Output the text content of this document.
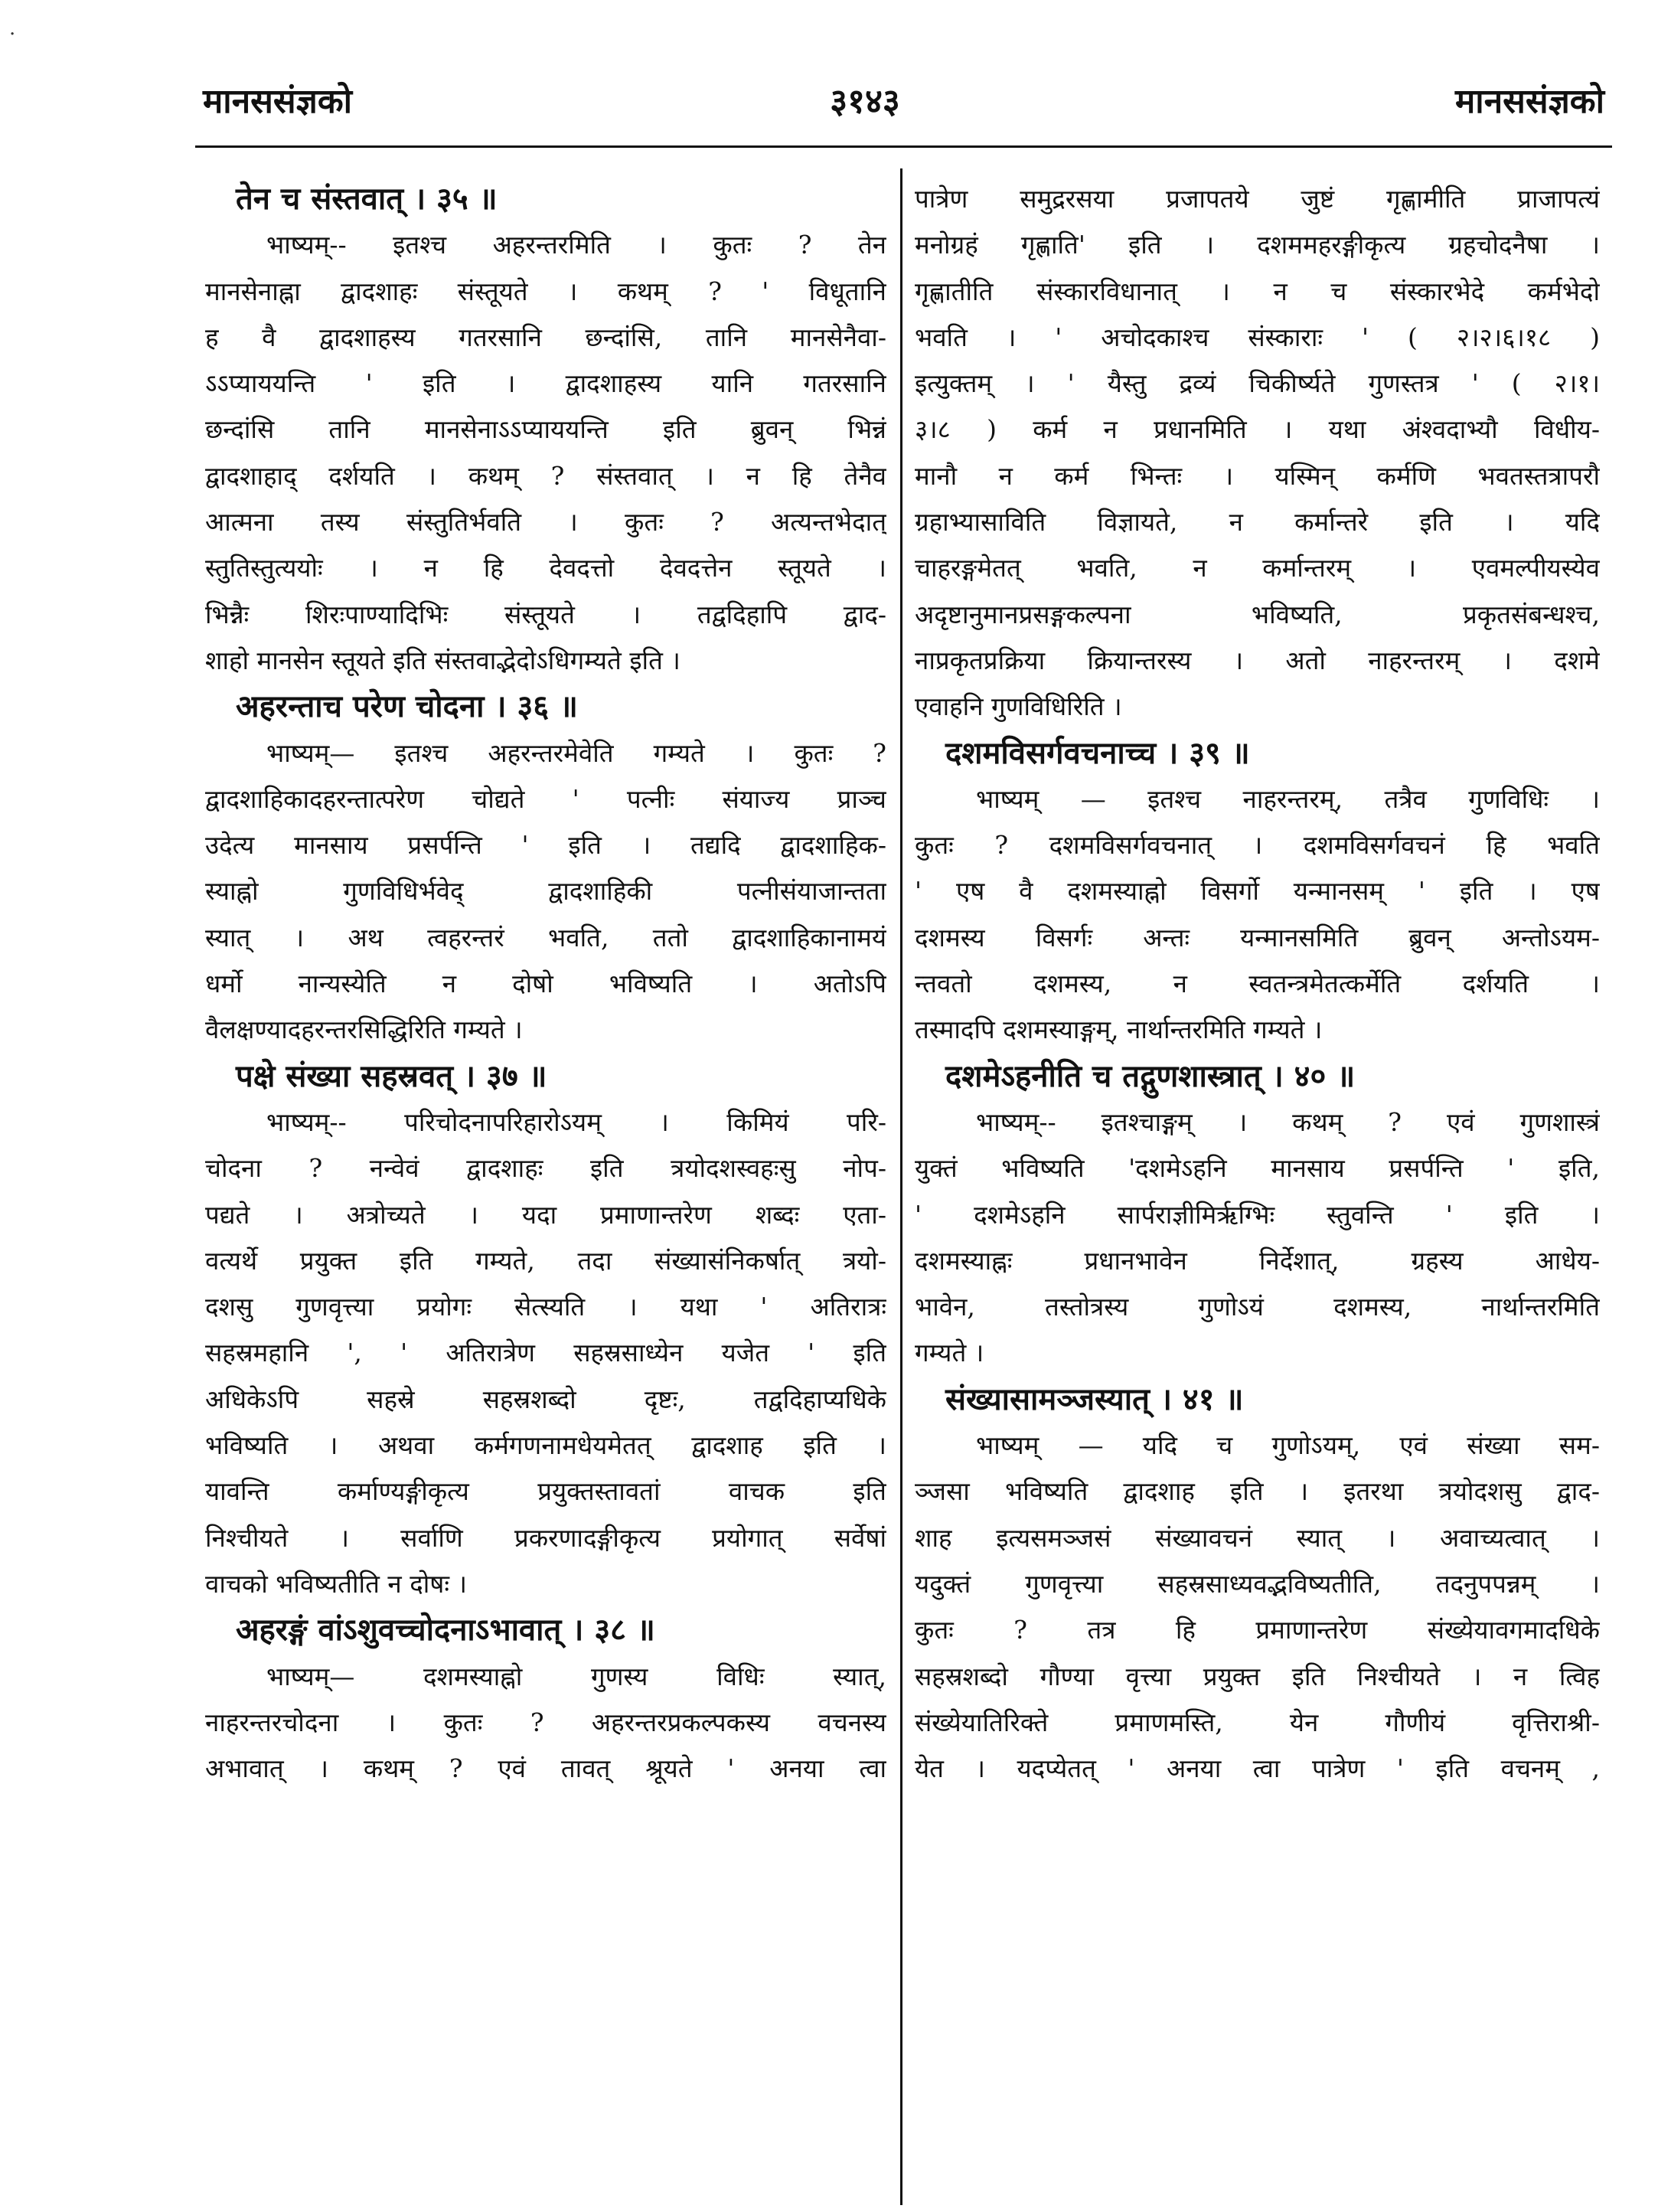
मानससंज्ञको	३१४३	मानससंज्ञको
·
तेन च संस्तवात् । ३५ ॥
भाष्यम्-- इतश्च अहरन्तरमिति । कुतः ? तेन
मानसेनाह्ना द्वादशाहः संस्तूयते । कथम् ? ' विधूतानि
ह वै द्वादशाहस्य गतरसानि छन्दांसि, तानि मानसेनैवा-
ऽऽप्याययन्ति ' इति । द्वादशाहस्य यानि गतरसानि
छन्दांसि तानि मानसेनाऽऽप्याययन्ति इति ब्रुवन् भिन्नं
द्वादशाहाद् दर्शयति । कथम् ? संस्तवात् । न हि तेनैव
आत्मना तस्य संस्तुतिर्भवति । कुतः ? अत्यन्तभेदात्
स्तुतिस्तुत्ययोः । न हि देवदत्तो देवदत्तेन स्तूयते ।
भिन्नैः शिरःपाण्यादिभिः संस्तूयते । तद्वदिहापि द्वाद-
शाहो मानसेन स्तूयते इति संस्तवाद्भेदोऽधिगम्यते इति ।
अहरन्ताच परेण चोदना । ३६ ॥
भाष्यम्— इतश्च अहरन्तरमेवेति गम्यते । कुतः ?
द्वादशाहिकादहरन्तात्परेण चोद्यते ' पत्नीः संयाज्य प्राञ्च
उदेत्य मानसाय प्रसर्पन्ति ' इति । तद्यदि द्वादशाहिक-
स्याह्नो गुणविधिर्भवेद् द्वादशाहिकी पत्नीसंयाजान्तता
स्यात् । अथ त्वहरन्तरं भवति, ततो द्वादशाहिकानामयं
धर्मो नान्यस्येति न दोषो भविष्यति । अतोऽपि
वैलक्षण्यादहरन्तरसिद्धिरिति गम्यते ।
पक्षे संख्या सहस्रवत् । ३७ ॥
भाष्यम्-- परिचोदनापरिहारोऽयम् । किमियं परि-
चोदना ? नन्वेवं द्वादशाहः इति त्रयोदशस्वहःसु नोप-
पद्यते । अत्रोच्यते । यदा प्रमाणान्तरेण शब्दः एता-
वत्यर्थे प्रयुक्त इति गम्यते, तदा संख्यासंनिकर्षात् त्रयो-
दशसु गुणवृत्त्या प्रयोगः सेत्स्यति । यथा ' अतिरात्रः
सहस्रमहानि ', ' अतिरात्रेण सहस्रसाध्येन यजेत ' इति
अधिकेऽपि सहस्रे सहस्रशब्दो दृष्टः, तद्वदिहाप्यधिके
भविष्यति । अथवा कर्मगणनामधेयमेतत् द्वादशाह इति ।
यावन्ति कर्माण्यङ्गीकृत्य प्रयुक्तस्तावतां वाचक इति
निश्चीयते । सर्वाणि प्रकरणादङ्गीकृत्य प्रयोगात् सर्वेषां
वाचको भविष्यतीति न दोषः ।
अहरङ्गं वांऽशुवच्चोदनाऽभावात् । ३८ ॥
भाष्यम्— दशमस्याह्नो गुणस्य विधिः स्यात्,
नाहरन्तरचोदना । कुतः ? अहरन्तरप्रकल्पकस्य वचनस्य
अभावात् । कथम् ? एवं तावत् श्रूयते ' अनया त्वा
पात्रेण समुद्ररसया प्रजापतये जुष्टं गृह्णामीति प्राजापत्यं
मनोग्रहं गृह्णाति' इति । दशममहरङ्गीकृत्य ग्रहचोदनैषा ।
गृह्णातीति संस्कारविधानात् । न च संस्कारभेदे कर्मभेदो
भवति । ' अचोदकाश्च संस्काराः ' ( २।२।६।१८ )
इत्युक्तम् । ' यैस्तु द्रव्यं चिकीर्ष्यते गुणस्तत्र ' ( २।१।
३।८ ) कर्म न प्रधानमिति । यथा अंश्वदाभ्यौ विधीय-
मानौ न कर्म भिन्तः । यस्मिन् कर्मणि भवतस्तत्रापरौ
ग्रहाभ्यासाविति विज्ञायते, न कर्मान्तरे इति । यदि
चाहरङ्गमेतत् भवति, न कर्मान्तरम् । एवमल्पीयस्येव
अदृष्टानुमानप्रसङ्गकल्पना भविष्यति, प्रकृतसंबन्धश्च,
नाप्रकृतप्रक्रिया क्रियान्तरस्य । अतो नाहरन्तरम् । दशमे
एवाहनि गुणविधिरिति ।
दशमविसर्गवचनाच्च । ३९ ॥
भाष्यम् — इतश्च नाहरन्तरम्, तत्रैव गुणविधिः ।
कुतः ? दशमविसर्गवचनात् । दशमविसर्गवचनं हि भवति
' एष वै दशमस्याह्नो विसर्गो यन्मानसम् ' इति । एष
दशमस्य विसर्गः अन्तः यन्मानसमिति ब्रुवन् अन्तोऽयम-
न्तवतो दशमस्य, न स्वतन्त्रमेतत्कर्मेति दर्शयति ।
तस्मादपि दशमस्याङ्गम्, नार्थान्तरमिति गम्यते ।
दशमेऽहनीति च तद्गुणशास्त्रात् । ४० ॥
भाष्यम्-- इतश्चाङ्गम् । कथम् ? एवं गुणशास्त्रं
युक्तं भविष्यति 'दशमेऽहनि मानसाय प्रसर्पन्ति ' इति,
' दशमेऽहनि सार्पराज्ञीमिर्ऋग्भिः स्तुवन्ति ' इति ।
दशमस्याह्नः प्रधानभावेन निर्देशात्, ग्रहस्य आधेय-
भावेन, तस्तोत्रस्य गुणोऽयं दशमस्य, नार्थान्तरमिति
गम्यते ।
संख्यासामञ्जस्यात् । ४१ ॥
भाष्यम् — यदि च गुणोऽयम्, एवं संख्या सम-
ञ्जसा भविष्यति द्वादशाह इति । इतरथा त्रयोदशसु द्वाद-
शाह इत्यसमञ्जसं संख्यावचनं स्यात् । अवाच्यत्वात् ।
यदुक्तं गुणवृत्त्या सहस्रसाध्यवद्भविष्यतीति, तदनुपपन्नम् ।
कुतः ? तत्र हि प्रमाणान्तरेण संख्येयावगमादधिके
सहस्रशब्दो गौण्या वृत्त्या प्रयुक्त इति निश्चीयते । न त्विह
संख्येयातिरिक्ते प्रमाणमस्ति, येन गौणीयं वृत्तिराश्री-
येत । यदप्येतत् ' अनया त्वा पात्रेण ' इति वचनम् ,
